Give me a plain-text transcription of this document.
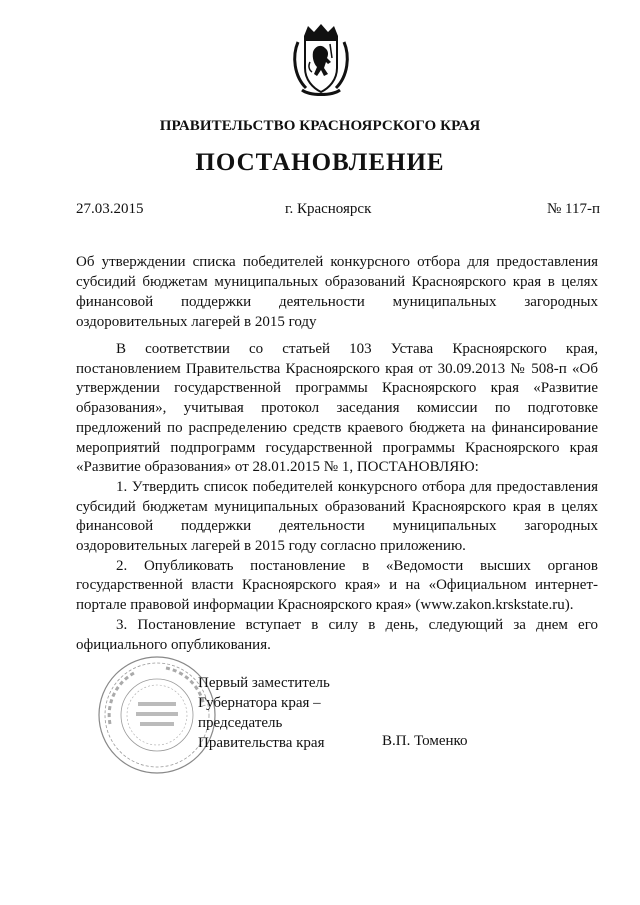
ПРАВИТЕЛЬСТВО КРАСНОЯРСКОГО КРАЯ
ПОСТАНОВЛЕНИЕ
27.03.2015	г. Красноярск	№ 117-п
Об утверждении списка победителей конкурсного отбора для предоставления субсидий бюджетам муниципальных образований Красноярского края в целях финансовой поддержки деятельности муниципальных загородных оздоровительных лагерей в 2015 году

В соответствии со статьей 103 Устава Красноярского края, постановлением Правительства Красноярского края от 30.09.2013 № 508-п «Об утверждении государственной программы Красноярского края «Развитие образования», учитывая протокол заседания комиссии по подготовке предложений по распределению средств краевого бюджета на финансирование мероприятий подпрограмм государственной программы Красноярского края «Развитие образования» от 28.01.2015 № 1, ПОСТАНОВЛЯЮ:

1. Утвердить список победителей конкурсного отбора для предоставления субсидий бюджетам муниципальных образований Красноярского края в целях финансовой поддержки деятельности муниципальных загородных оздоровительных лагерей в 2015 году согласно приложению.

2. Опубликовать постановление в «Ведомости высших органов государственной власти Красноярского края» и на «Официальном интернет-портале правовой информации Красноярского края» (www.zakon.krskstate.ru).

3. Постановление вступает в силу в день, следующий за днем его официального опубликования.

Первый заместитель
Губернатора края –
председатель
Правительства края	В.П. Томенко
